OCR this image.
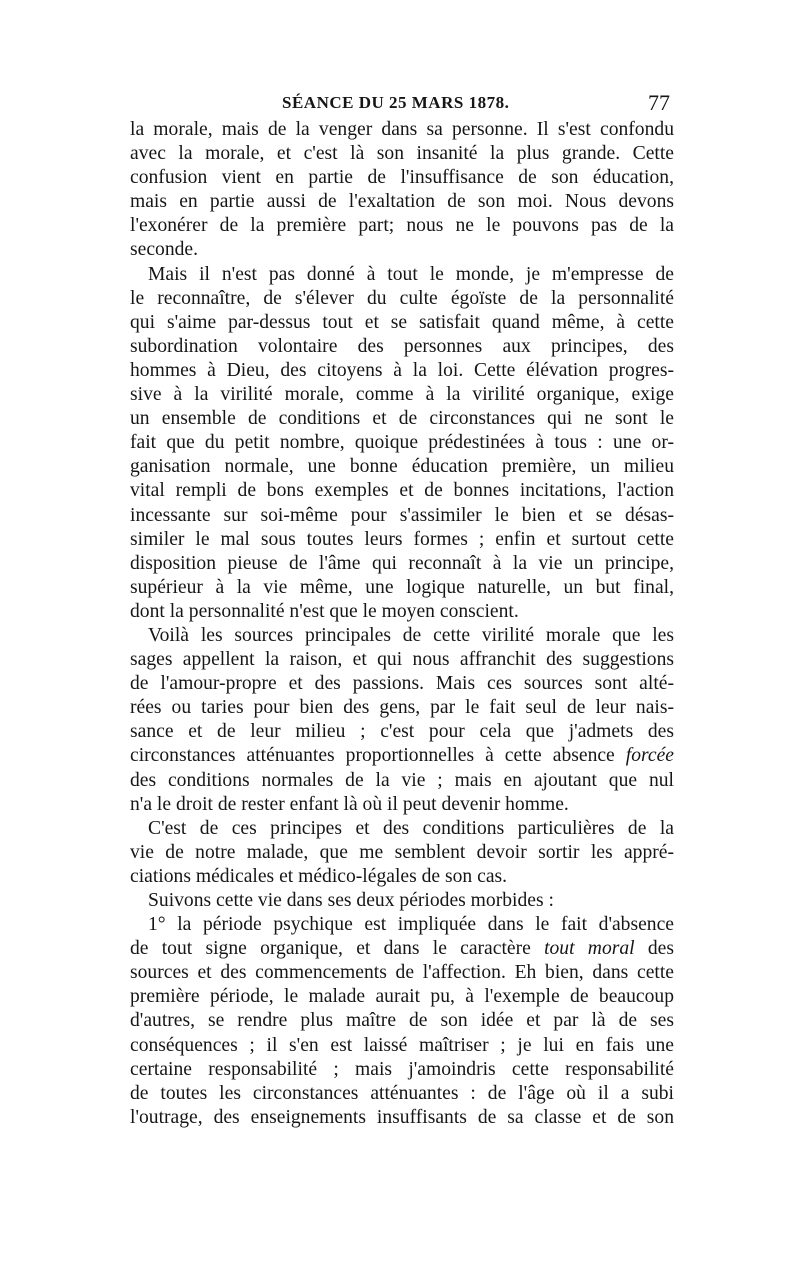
SÉANCE DU 25 MARS 1878.	77
la morale, mais de la venger dans sa personne. Il s'est confondu
avec la morale, et c'est là son insanité la plus grande. Cette
confusion vient en partie de l'insuffisance de son éducation,
mais en partie aussi de l'exaltation de son moi. Nous devons
l'exonérer de la première part; nous ne le pouvons pas de la
seconde.
Mais il n'est pas donné à tout le monde, je m'empresse de
le reconnaître, de s'élever du culte égoïste de la personnalité
qui s'aime par-dessus tout et se satisfait quand même, à cette
subordination volontaire des personnes aux principes, des
hommes à Dieu, des citoyens à la loi. Cette élévation progres-
sive à la virilité morale, comme à la virilité organique, exige
un ensemble de conditions et de circonstances qui ne sont le
fait que du petit nombre, quoique prédestinées à tous : une or-
ganisation normale, une bonne éducation première, un milieu
vital rempli de bons exemples et de bonnes incitations, l'action
incessante sur soi-même pour s'assimiler le bien et se désas-
similer le mal sous toutes leurs formes ; enfin et surtout cette
disposition pieuse de l'âme qui reconnaît à la vie un principe,
supérieur à la vie même, une logique naturelle, un but final,
dont la personnalité n'est que le moyen conscient.
Voilà les sources principales de cette virilité morale que les
sages appellent la raison, et qui nous affranchit des suggestions
de l'amour-propre et des passions. Mais ces sources sont alté-
rées ou taries pour bien des gens, par le fait seul de leur nais-
sance et de leur milieu ; c'est pour cela que j'admets des
circonstances atténuantes proportionnelles à cette absence forcée
des conditions normales de la vie ; mais en ajoutant que nul
n'a le droit de rester enfant là où il peut devenir homme.
C'est de ces principes et des conditions particulières de la
vie de notre malade, que me semblent devoir sortir les appré-
ciations médicales et médico-légales de son cas.
Suivons cette vie dans ses deux périodes morbides :
1° la période psychique est impliquée dans le fait d'absence
de tout signe organique, et dans le caractère tout moral des
sources et des commencements de l'affection. Eh bien, dans cette
première période, le malade aurait pu, à l'exemple de beaucoup
d'autres, se rendre plus maître de son idée et par là de ses
conséquences ; il s'en est laissé maîtriser ; je lui en fais une
certaine responsabilité ; mais j'amoindris cette responsabilité
de toutes les circonstances atténuantes : de l'âge où il a subi
l'outrage, des enseignements insuffisants de sa classe et de son
